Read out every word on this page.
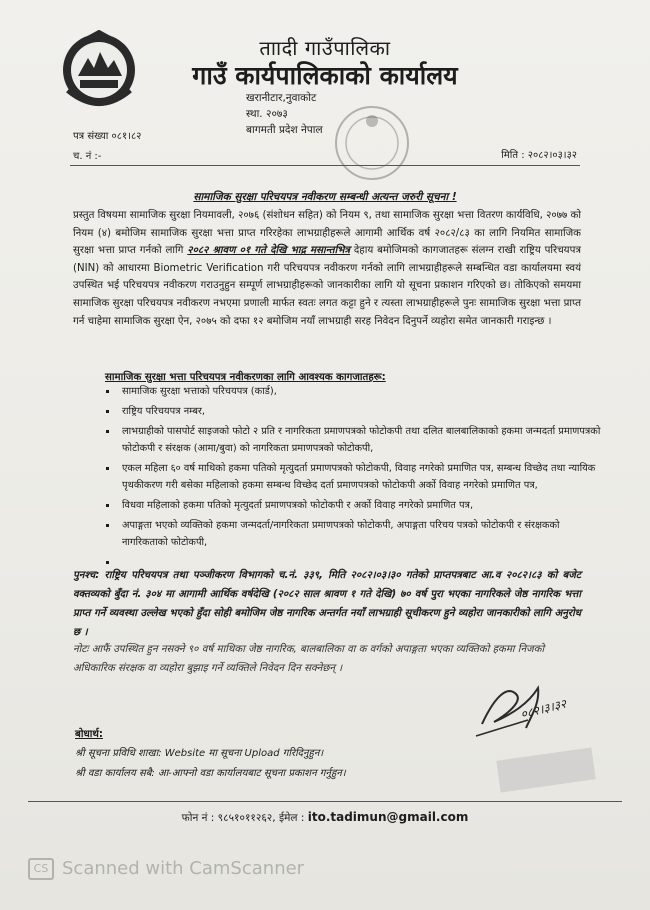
ताादी गाउँपालिका
गाउँ कार्यपालिकाको कार्यालय
खरानीटार,नुवाकोट
स्था. २०७३
बागमती प्रदेश नेपाल
पत्र संख्या ०८१।८२
च. नं :-	मिति : २०८२।०३।३२
सामाजिक सुरक्षा परिचयपत्र नवीकरण सम्बन्धी अत्यन्त जरुरी सूचना !
प्रस्तुत विषयमा सामाजिक सुरक्षा नियमावली, २०७६ (संशोधन सहित) को नियम ९, तथा सामाजिक सुरक्षा भत्ता वितरण कार्यविधि, २०७७ को नियम (४) बमोजिम सामाजिक सुरक्षा भत्ता प्राप्त गरिरहेका लाभग्राहीहरूले आगामी आर्थिक वर्ष २०८२/८३ का लागि नियमित सामाजिक सुरक्षा भत्ता प्राप्त गर्नको लागि २०८२ श्रावण ०१ गते देखि भाद्र मसान्तभित्र देहाय बमोजिमको कागजातहरू संलग्न राखी राष्ट्रिय परिचयपत्र (NIN) को आधारमा Biometric Verification गरी परिचयपत्र नवीकरण गर्नको लागि लाभग्राहीहरूले सम्बन्धित वडा कार्यालयमा स्वयं उपस्थित भई परिचयपत्र नवीकरण गराउनुहुन सम्पूर्ण लाभग्राहीहरूको जानकारीका लागि यो सूचना प्रकाशन गरिएको छ। तोकिएको समयमा सामाजिक सुरक्षा परिचयपत्र नवीकरण नभएमा प्रणाली मार्फत स्वतः लगत कट्टा हुने र त्यस्ता लाभग्राहीहरूले पुनः सामाजिक सुरक्षा भत्ता प्राप्त गर्न चाहेमा सामाजिक सुरक्षा ऐन, २०७५ को दफा १२ बमोजिम नयाँ लाभग्राही सरह निवेदन दिनुपर्ने व्यहोरा समेत जानकारी गराइन्छ ।
सामाजिक सुरक्षा भत्ता परिचयपत्र नवीकरणका लागि आवश्यक कागजातहरू:
▪ सामाजिक सुरक्षा भत्ताको परिचयपत्र (कार्ड),
▪ राष्ट्रिय परिचयपत्र नम्बर,
▪ लाभग्राहीको पासपोर्ट साइजको फोटो २ प्रति र नागरिकता प्रमाणपत्रको फोटोकपी तथा दलित बालबालिकाको हकमा जन्मदर्ता प्रमाणपत्रको फोटोकपी र संरक्षक (आमा/बुवा) को नागरिकता प्रमाणपत्रको फोटोकपी,
▪ एकल महिला ६० वर्ष माथिको हकमा पतिको मृत्युदर्ता प्रमाणपत्रको फोटोकपी, विवाह नगरेको प्रमाणित पत्र, सम्बन्ध विच्छेद तथा न्यायिक पृथकीकरण गरी बसेका महिलाको हकमा सम्बन्ध विच्छेद दर्ता प्रमाणपत्रको फोटोकपी अर्को विवाह नगरेको प्रमाणित पत्र,
▪ विधवा महिलाको हकमा पतिको मृत्युदर्ता प्रमाणपत्रको फोटोकपी र अर्को विवाह नगरेको प्रमाणित पत्र,
▪ अपाङ्गता भएको व्यक्तिको हकमा जन्मदर्ता/नागरिकता प्रमाणपत्रको फोटोकपी, अपाङ्गता परिचय पत्रको फोटोकपी र संरक्षकको नागरिकताको फोटोकपी,
▪
पुनश्च: राष्ट्रिय परिचयपत्र तथा पञ्जीकरण विभागको च.नं. ३३९, मिति २०८२।०३।३० गतेको प्राप्तपत्रबाट आ.व २०८२।८३ को बजेट वक्तव्यको बुँदा नं. ३०४ मा आगामी आर्थिक वर्षदेखि (२०८२ साल श्रावण १ गते देखि) ७० वर्ष पुरा भएका नागरिकले जेष्ठ नागरिक भत्ता प्राप्त गर्ने व्यवस्था उल्लेख भएको हुँदा सोही बमोजिम जेष्ठ नागरिक अन्तर्गत नयाँ लाभग्राही सूचीकरण हुने व्यहोरा जानकारीको लागि अनुरोध छ ।
नोटः आफैं उपस्थित हुन नसक्ने ९० वर्ष माथिका जेष्ठ नागरिक, बालबालिका वा क वर्गको अपाङ्गता भएका व्यक्तिको हकमा निजको अधिकारिक संरक्षक वा व्यहोरा बुझाइ गर्ने व्यक्तिले निवेदन दिन सक्नेछन् ।
०८२।३।३२
बोधार्थ:
श्री सूचना प्रविधि शाखा: Website मा सूचना Upload गरिदिनुहुन।
श्री वडा कार्यालय सबै: आ-आफ्नो वडा कार्यालयबाट सूचना प्रकाशन गर्नुहुन।
फोन नं : ९८५१०११२६२, ईमेल : ito.tadimun@gmail.com
CS Scanned with CamScanner
